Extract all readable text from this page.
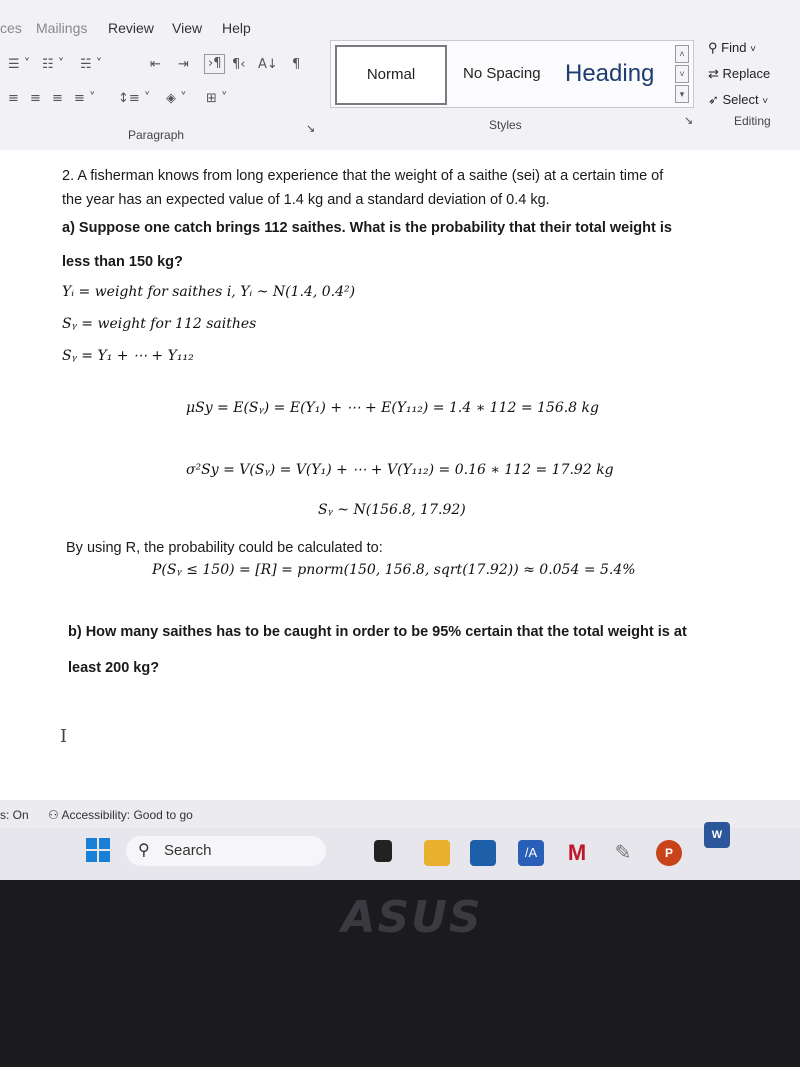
ces Mailings Review View Help
☰ ˅ ☷ ˅ ☵ ˅	⇤ ⇥	›¶ ¶‹ A↓ ¶
≡ ≡ ≡ ≡ ˅ ↕≡ ˅ ◈ ˅ ⊞ ˅
Paragraph	↘
Normal	No Spacing Heading
˄
˅
▾
Styles	↘
⚲ Find ˅
⇄ Replace
➶ Select ˅
Editing
2. A fisherman knows from long experience that the weight of a saithe (sei) at a certain time of
the year has an expected value of 1.4 kg and a standard deviation of 0.4 kg.
a) Suppose one catch brings 112 saithes. What is the probability that their total weight is
less than 150 kg?
Yᵢ = weight for saithes i, Yᵢ ~ N(1.4, 0.4²)
Sᵧ = weight for 112 saithes
Sᵧ = Y₁ + ⋯ + Y₁₁₂
μSy = E(Sᵧ) = E(Y₁) + ⋯ + E(Y₁₁₂) = 1.4 ∗ 112 = 156.8 kg
σ²Sy = V(Sᵧ) = V(Y₁) + ⋯ + V(Y₁₁₂) = 0.16 ∗ 112 = 17.92 kg
Sᵧ ~ N(156.8, 17.92)
By using R, the probability could be calculated to:
P(Sᵧ ≤ 150) = [R] = pnorm(150, 156.8, sqrt(17.92)) ≈ 0.054 = 5.4%
b) How many saithes has to be caught in order to be 95% certain that the total weight is at
least 200 kg?
I
s: On ⚇ Accessibility: Good to go
⚲ Search	/A	M ✎	P
W
ASUS
